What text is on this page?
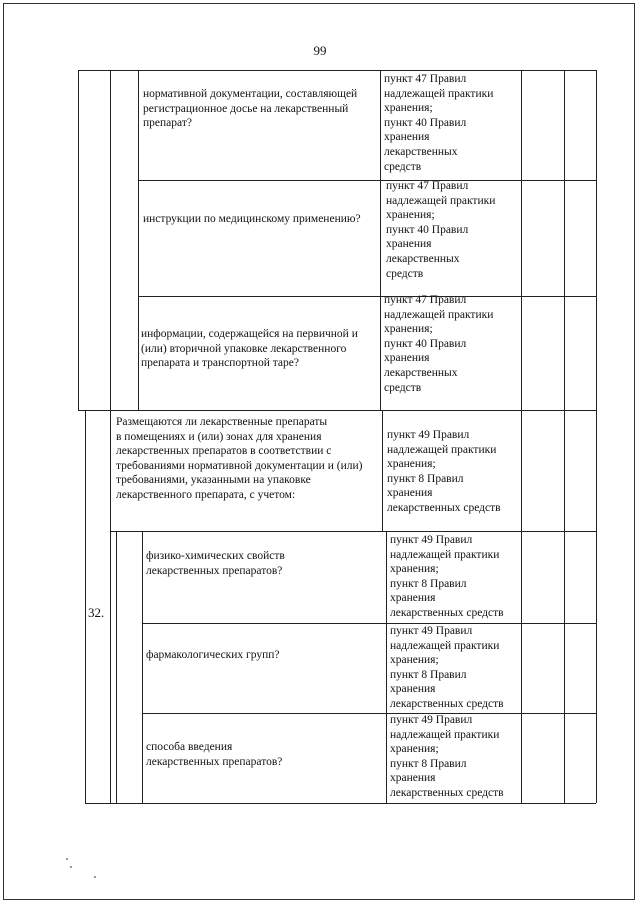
99
нормативной документации, составляющей
регистрационное досье на лекарственный
препарат?
пункт 47 Правил
надлежащей практики
хранения;
пункт 40 Правил
хранения
лекарственных
средств
инструкции по медицинскому применению?
пункт 47 Правил
надлежащей практики
хранения;
пункт 40 Правил
хранения
лекарственных
средств
информации, содержащейся на первичной и
(или) вторичной упаковке лекарственного
препарата и транспортной таре?
пункт 47 Правил
надлежащей практики
хранения;
пункт 40 Правил
хранения
лекарственных
средств
32.
Размещаются ли лекарственные препараты
в помещениях и (или) зонах для хранения
лекарственных препаратов в соответствии с
требованиями нормативной документации и (или)
требованиями, указанными на упаковке
лекарственного препарата, с учетом:
пункт 49 Правил
надлежащей практики
хранения;
пункт 8 Правил
хранения
лекарственных средств
физико-химических свойств
лекарственных препаратов?
пункт 49 Правил
надлежащей практики
хранения;
пункт 8 Правил
хранения
лекарственных средств
фармакологических групп?
пункт 49 Правил
надлежащей практики
хранения;
пункт 8 Правил
хранения
лекарственных средств
способа введения
лекарственных препаратов?
пункт 49 Правил
надлежащей практики
хранения;
пункт 8 Правил
хранения
лекарственных средств
